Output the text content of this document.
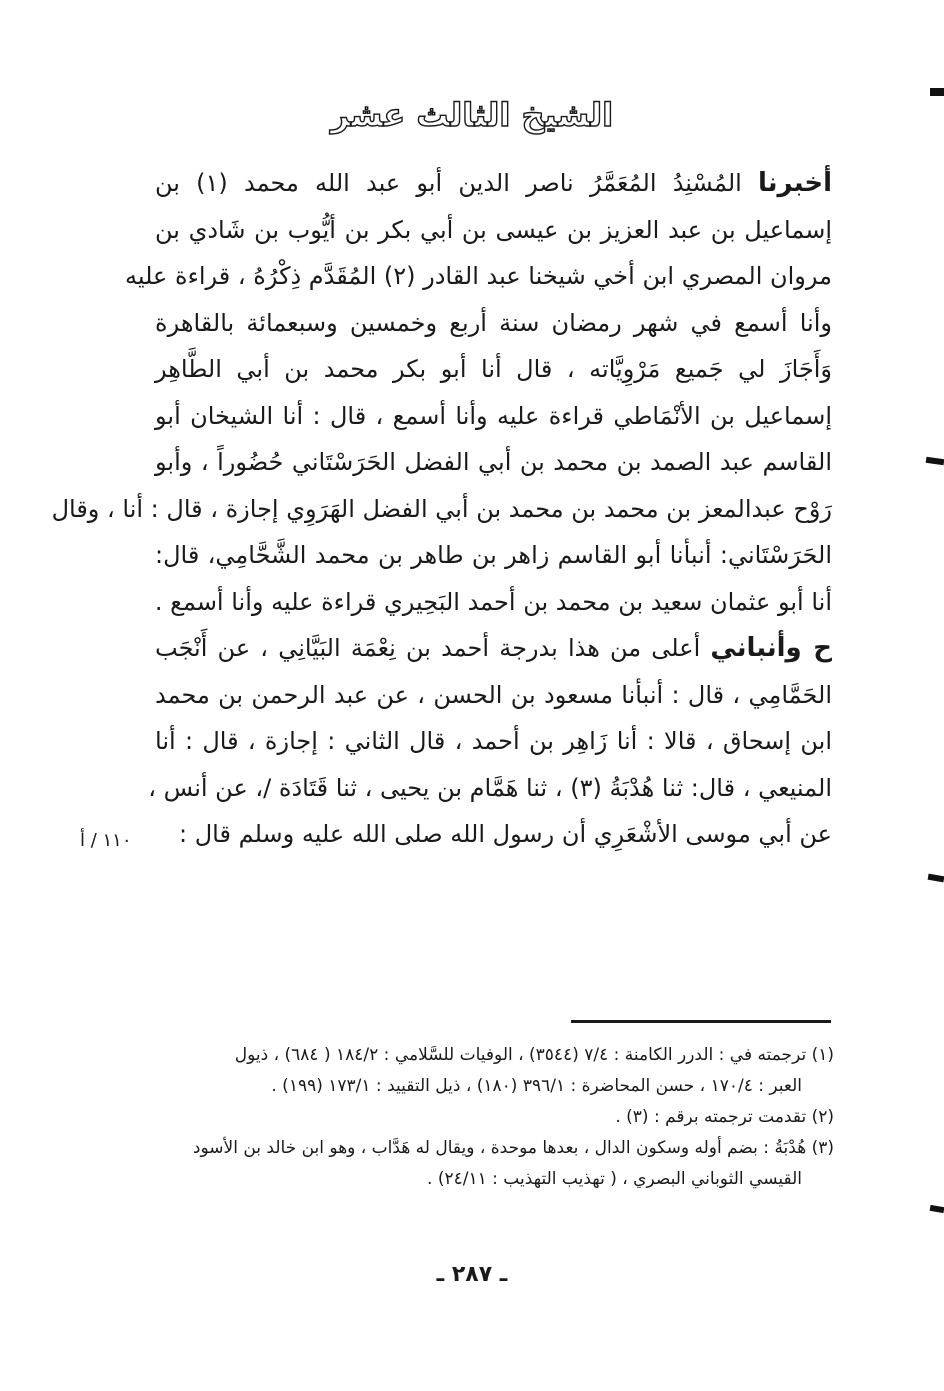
الشيخ الثالث عشر
أخبرنا المُسْنِدُ المُعَمَّرُ ناصر الدين أبو عبد الله محمد (١) بن
إسماعيل بن عبد العزيز بن عيسى بن أبي بكر بن أيُّوب بن شَادي بن
مروان المصري ابن أخي شيخنا عبد القادر (٢) المُقَدَّم ذِكْرُهُ ، قراءة عليه
وأنا أسمع في شهر رمضان سنة أربع وخمسين وسبعمائة بالقاهرة
وَأَجَازَ لي جَميع مَرْوِيَّاته ، قال أنا أبو بكر محمد بن أبي الطَّاهِر
إسماعيل بن الأنْمَاطي قراءة عليه وأنا أسمع ، قال : أنا الشيخان أبو
القاسم عبد الصمد بن محمد بن أبي الفضل الحَرَسْتَاني حُضُوراً ، وأبو
رَوْح عبدالمعز بن محمد بن محمد بن أبي الفضل الهَرَوِي إجازة ، قال : أنا ، وقال
الحَرَسْتَاني: أنبأنا أبو القاسم زاهر بن طاهر بن محمد الشَّحَّامِي، قال:
أنا أبو عثمان سعيد بن محمد بن أحمد البَحِيري قراءة عليه وأنا أسمع .
ح وأنباني أعلى من هذا بدرجة أحمد بن نِعْمَة البَيَّانِي ، عن أَنْجَب
الحَمَّامِي ، قال : أنبأنا مسعود بن الحسن ، عن عبد الرحمن بن محمد
ابن إسحاق ، قالا : أنا زَاهِر بن أحمد ، قال الثاني : إجازة ، قال : أنا
المنيعي ، قال: ثنا هُدْبَةُ (٣) ، ثنا هَمَّام بن يحيى ، ثنا قَتَادَة /، عن أنس ،
عن أبي موسى الأشْعَرِي أن رسول الله صلى الله عليه وسلم قال :
١١٠ / أ
(١) ترجمته في : الدرر الكامنة : ٧/٤ (٣٥٤٤) ، الوفيات للسَّلامي : ١٨٤/٢ ( ٦٨٤) ، ذيول
العبر : ١٧٠/٤ ، حسن المحاضرة : ٣٩٦/١ (١٨٠) ، ذيل التقييد : ١٧٣/١ (١٩٩) .
(٢) تقدمت ترجمته برقم : (٣) .
(٣) هُدْبَةُ : بضم أوله وسكون الدال ، بعدها موحدة ، ويقال له هَدَّاب ، وهو ابن خالد بن الأسود
القيسي الثوباني البصري ، ( تهذيب التهذيب : ٢٤/١١) .
ـ ٢٨٧ ـ
